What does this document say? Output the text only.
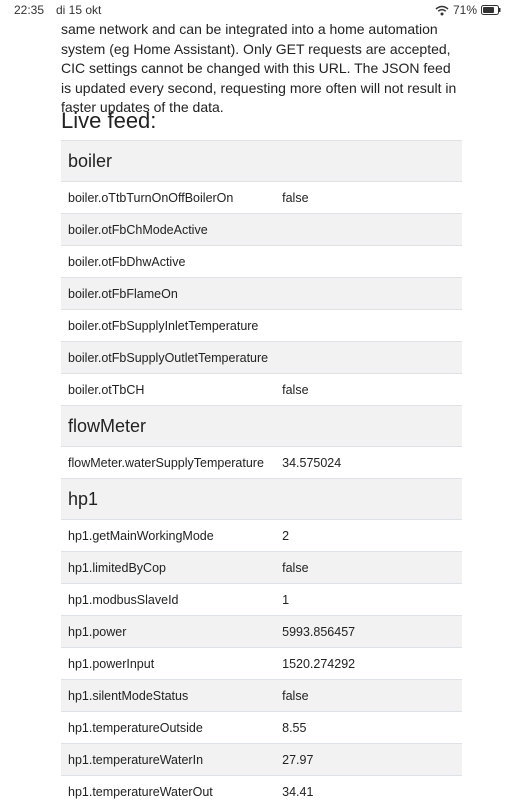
22:35 di 15 okt	71%

same network and can be integrated into a home automation system (eg Home Assistant). Only GET requests are accepted, CIC settings cannot be changed with this URL. The JSON feed is updated every second, requesting more often will not result in faster updates of the data.

Live feed:
boiler	
boiler.oTtbTurnOnOffBoilerOn	false
boiler.otFbChModeActive	
boiler.otFbDhwActive	
boiler.otFbFlameOn	
boiler.otFbSupplyInletTemperature	
boiler.otFbSupplyOutletTemperature	
boiler.otTbCH	false
flowMeter	
flowMeter.waterSupplyTemperature	34.575024
hp1	
hp1.getMainWorkingMode	2
hp1.limitedByCop	false
hp1.modbusSlaveId	1
hp1.power	5993.856457
hp1.powerInput	1520.274292
hp1.silentModeStatus	false
hp1.temperatureOutside	8.55
hp1.temperatureWaterIn	27.97
hp1.temperatureWaterOut	34.41
